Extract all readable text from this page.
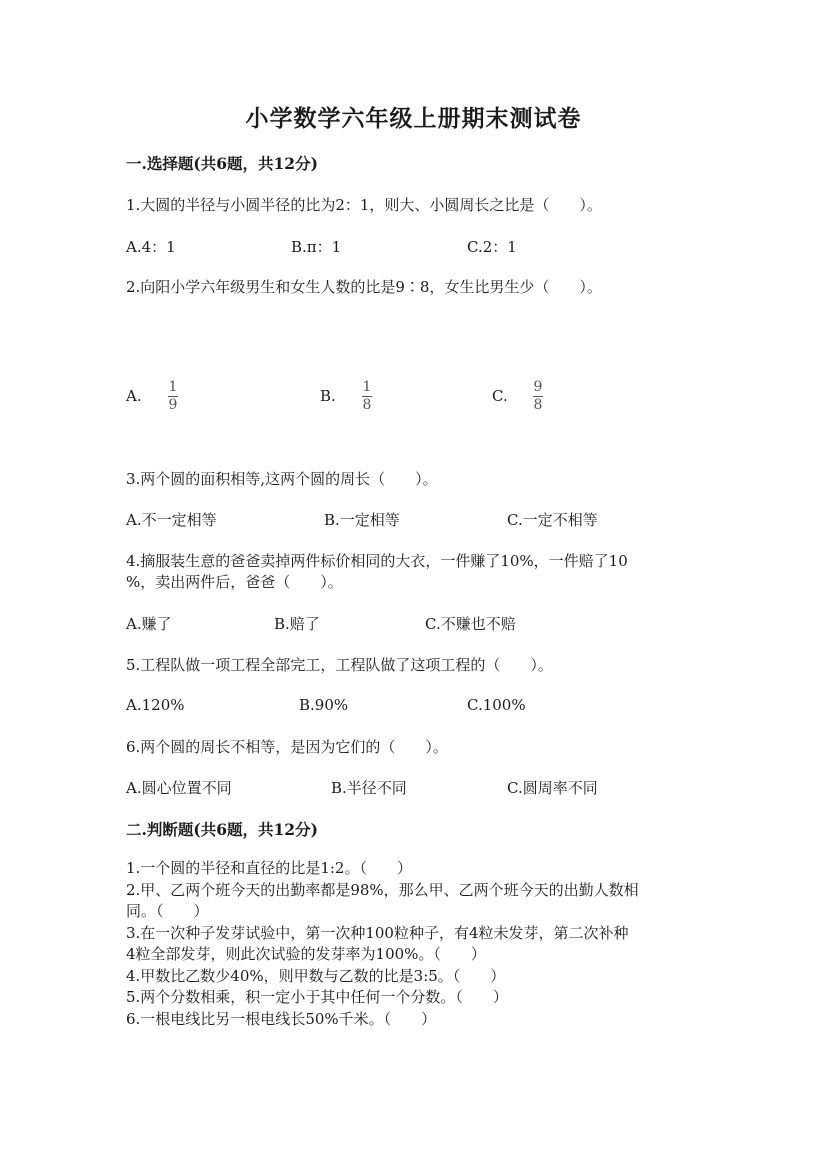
小学数学六年级上册期末测试卷
一.选择题(共6题，共12分)
1.大圆的半径与小圆半径的比为2：1，则大、小圆周长之比是（　　）。
A.4：1	B.π：1	C.2：1
2.向阳小学六年级男生和女生人数的比是9∶8，女生比男生少（　　）。
A. 1
9	B. 1
8	C. 9
8
3.两个圆的面积相等,这两个圆的周长（　　）。
A.不一定相等	B.一定相等	C.一定不相等
4.摘服装生意的爸爸卖掉两件标价相同的大衣，一件赚了10%，一件赔了10
%，卖出两件后，爸爸（　　）。
A.赚了	B.赔了	C.不赚也不赔
5.工程队做一项工程全部完工，工程队做了这项工程的（　　）。
A.120%	B.90%	C.100%
6.两个圆的周长不相等，是因为它们的（　　）。
A.圆心位置不同	B.半径不同	C.圆周率不同
二.判断题(共6题，共12分)
1.一个圆的半径和直径的比是1:2。（　　）
2.甲、乙两个班今天的出勤率都是98%，那么甲、乙两个班今天的出勤人数相
同。（　　）
3.在一次种子发芽试验中，第一次种100粒种子，有4粒未发芽，第二次补种
4粒全部发芽，则此次试验的发芽率为100%。（　　）
4.甲数比乙数少40%，则甲数与乙数的比是3:5。（　　）
5.两个分数相乘，积一定小于其中任何一个分数。（　　）
6.一根电线比另一根电线长50%千米。（　　）
